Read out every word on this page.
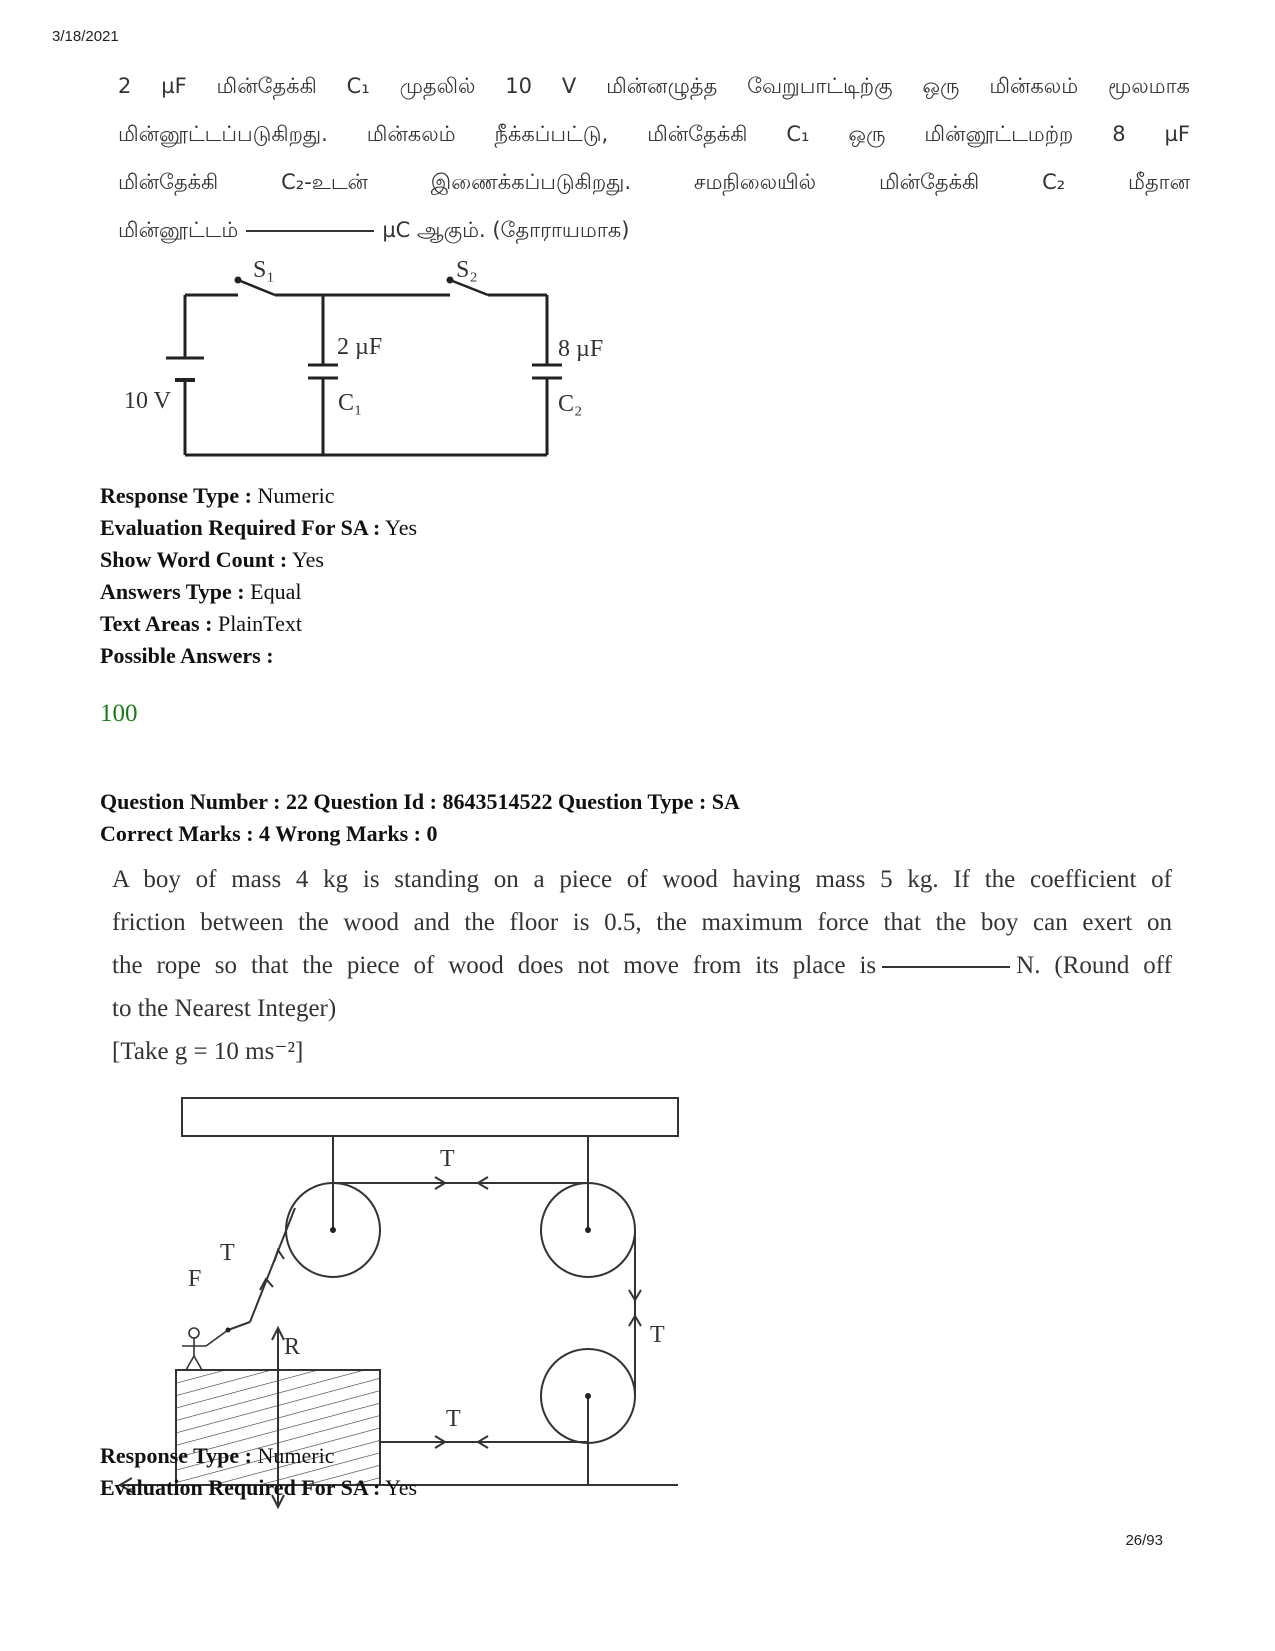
3/18/2021

2 µF மின்தேக்கி C₁ முதலில் 10 V மின்னழுத்த வேறுபாட்டிற்கு ஒரு மின்கலம் மூலமாக

மின்னூட்டப்படுகிறது. மின்கலம் நீக்கப்பட்டு, மின்தேக்கி C₁ ஒரு மின்னூட்டமற்ற 8 µF

மின்தேக்கி C₂-உடன் இணைக்கப்படுகிறது. சமநிலையில் மின்தேக்கி C₂ மீதான

மின்னூட்டம்	µC ஆகும். (தோராயமாக)

S₁	S₂
10 V
2 µF
C₁
8 µF
C₂
Response Type : Numeric
Evaluation Required For SA : Yes
Show Word Count : Yes
Answers Type : Equal
Text Areas : PlainText
Possible Answers :
100
Question Number : 22 Question Id : 8643514522 Question Type : SA
Correct Marks : 4 Wrong Marks : 0

A boy of mass 4 kg is standing on a piece of wood having mass 5 kg. If the coefficient of

friction between the wood and the floor is 0.5, the maximum force that the boy can exert on

the rope so that the piece of wood does not move from its place is	N. (Round off

to the Nearest Integer)

[Take g = 10 ms⁻²]

T
T
T
T
F
R
Response Type : Numeric
Evaluation Required For SA : Yes
26/93
